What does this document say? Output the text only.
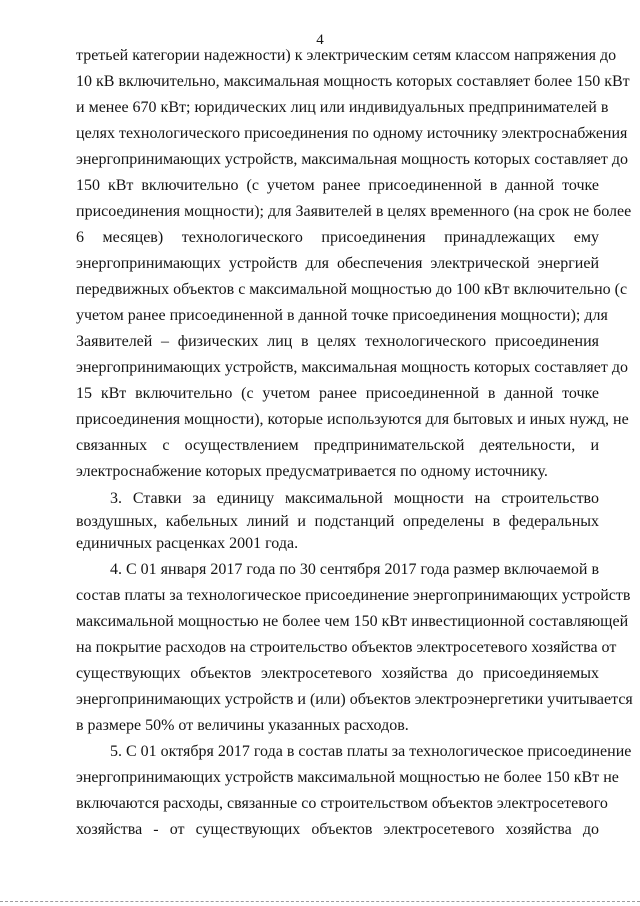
4
третьей категории надежности) к электрическим сетям классом напряжения до
10 кВ включительно, максимальная мощность которых составляет более 150 кВт
и менее 670 кВт; юридических лиц или индивидуальных предпринимателей в
целях технологического присоединения по одному источнику электроснабжения
энергопринимающих устройств, максимальная мощность которых составляет до
150 кВт включительно (с учетом ранее присоединенной в данной точке
присоединения мощности); для Заявителей в целях временного (на срок не более
6 месяцев) технологического присоединения принадлежащих ему
энергопринимающих устройств для обеспечения электрической энергией
передвижных объектов с максимальной мощностью до 100 кВт включительно (с
учетом ранее присоединенной в данной точке присоединения мощности); для
Заявителей – физических лиц в целях технологического присоединения
энергопринимающих устройств, максимальная мощность которых составляет до
15 кВт включительно (с учетом ранее присоединенной в данной точке
присоединения мощности), которые используются для бытовых и иных нужд, не
связанных с осуществлением предпринимательской деятельности, и
электроснабжение которых предусматривается по одному источнику.
3. Ставки за единицу максимальной мощности на строительство
воздушных, кабельных линий и подстанций определены в федеральных
единичных расценках 2001 года.
4. С 01 января 2017 года по 30 сентября 2017 года размер включаемой в
состав платы за технологическое присоединение энергопринимающих устройств
максимальной мощностью не более чем 150 кВт инвестиционной составляющей
на покрытие расходов на строительство объектов электросетевого хозяйства от
существующих объектов электросетевого хозяйства до присоединяемых
энергопринимающих устройств и (или) объектов электроэнергетики учитывается
в размере 50% от величины указанных расходов.
5. С 01 октября 2017 года в состав платы за технологическое присоединение
энергопринимающих устройств максимальной мощностью не более 150 кВт не
включаются расходы, связанные со строительством объектов электросетевого
хозяйства - от существующих объектов электросетевого хозяйства до
